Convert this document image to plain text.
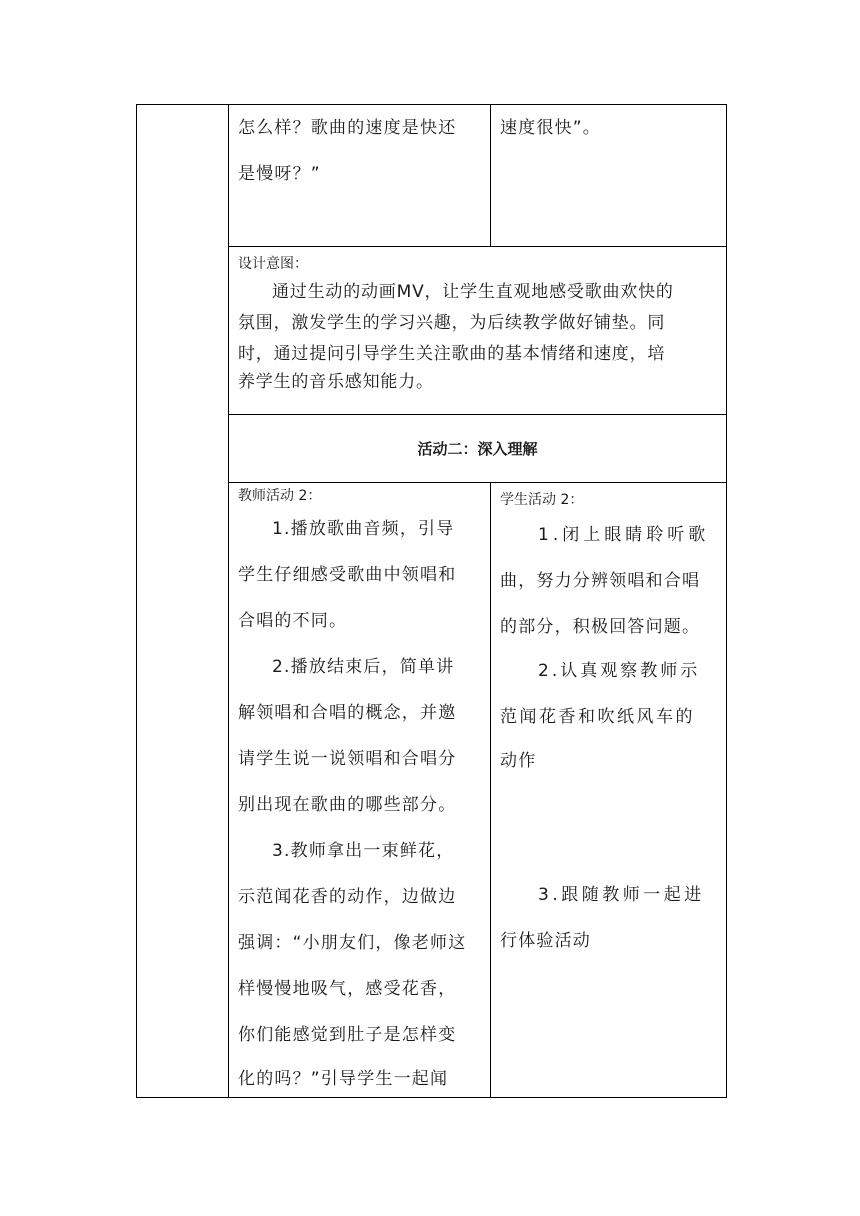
怎么样？歌曲的速度是快还
是慢呀？”
速度很快”。
设计意图：
通过生动的动画MV，让学生直观地感受歌曲欢快的
氛围，激发学生的学习兴趣，为后续教学做好铺垫。同
时，通过提问引导学生关注歌曲的基本情绪和速度，培
养学生的音乐感知能力。
活动二：深入理解
教师活动 2：
1.播放歌曲音频，引导
学生仔细感受歌曲中领唱和
合唱的不同。
2.播放结束后，简单讲
解领唱和合唱的概念，并邀
请学生说一说领唱和合唱分
别出现在歌曲的哪些部分。
3.教师拿出一束鲜花，
示范闻花香的动作，边做边
强调：“小朋友们，像老师这
样慢慢地吸气，感受花香，
你们能感觉到肚子是怎样变
化的吗？”引导学生一起闻
学生活动 2：
1.闭上眼睛聆听歌
曲，努力分辨领唱和合唱
的部分，积极回答问题。
2.认真观察教师示
范闻花香和吹纸风车的
动作
3.跟随教师一起进
行体验活动
